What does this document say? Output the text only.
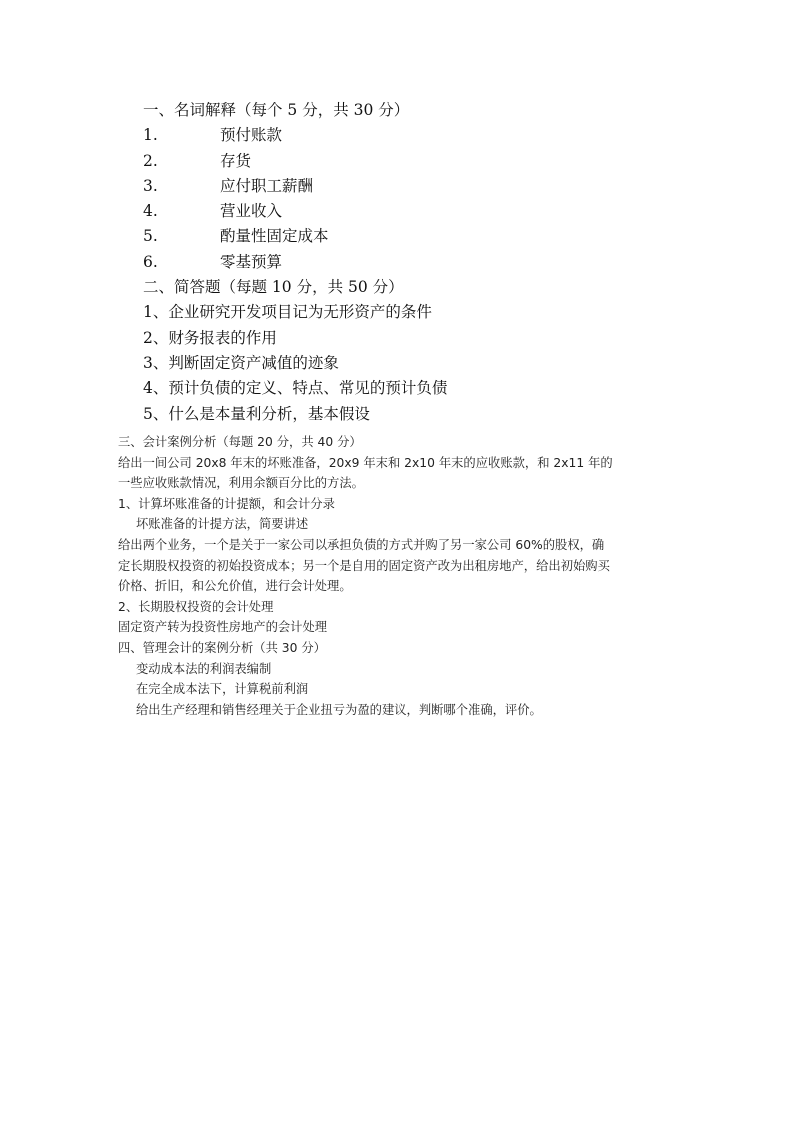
一、名词解释（每个 5 分，共 30 分）
1.	预付账款
2.	存货
3.	应付职工薪酬
4.	营业收入
5.	酌量性固定成本
6.	零基预算
二、简答题（每题 10 分，共 50 分）
1、企业研究开发项目记为无形资产的条件
2、财务报表的作用
3、判断固定资产减值的迹象
4、预计负债的定义、特点、常见的预计负债
5、什么是本量利分析，基本假设
三、会计案例分析（每题 20 分，共 40 分）
给出一间公司 20x8 年末的坏账准备，20x9 年末和 2x10 年末的应收账款，和 2x11 年的
一些应收账款情况，利用余额百分比的方法。
1、计算坏账准备的计提额，和会计分录
坏账准备的计提方法，简要讲述
给出两个业务，一个是关于一家公司以承担负债的方式并购了另一家公司 60%的股权，确
定长期股权投资的初始投资成本；另一个是自用的固定资产改为出租房地产，给出初始购买
价格、折旧，和公允价值，进行会计处理。
2、长期股权投资的会计处理
固定资产转为投资性房地产的会计处理
四、管理会计的案例分析（共 30 分）
变动成本法的利润表编制
在完全成本法下，计算税前利润
给出生产经理和销售经理关于企业扭亏为盈的建议，判断哪个准确，评价。
